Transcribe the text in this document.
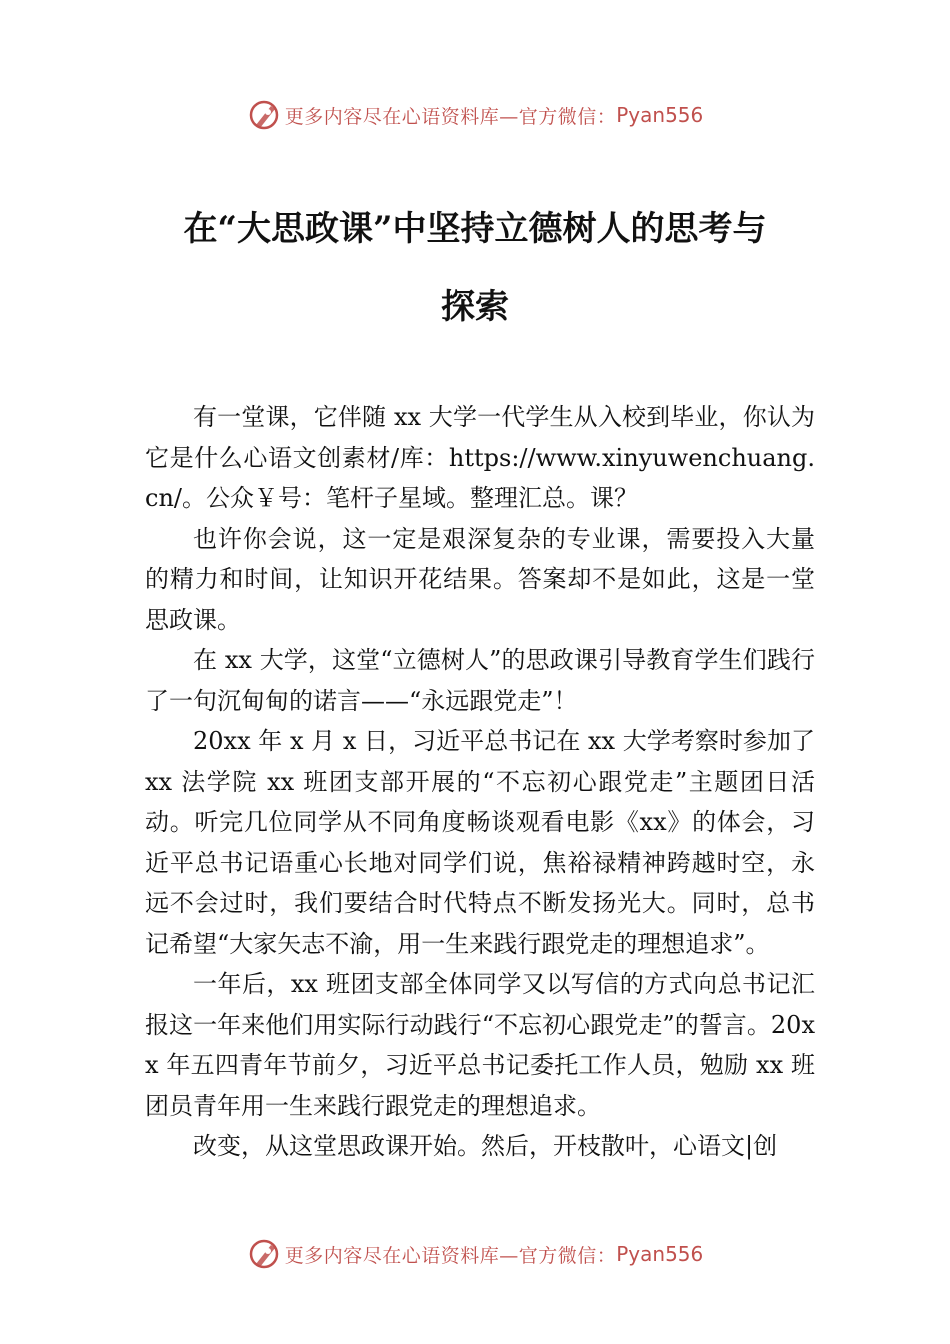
更多内容尽在心语资料库—官方微信： Pyan556
在“大思政课”中坚持立德树人的思考与
探索

有一堂课，它伴随 xx 大学一代学生从入校到毕业，你认为它是什么心语文创素材/库：https://www.xinyuwenchuang.cn/。公众￥号：笔杆子星域。整理汇总。课？

也许你会说，这一定是艰深复杂的专业课，需要投入大量的精力和时间，让知识开花结果。答案却不是如此，这是一堂思政课。

在 xx 大学，这堂“立德树人”的思政课引导教育学生们践行了一句沉甸甸的诺言——“永远跟党走”！

20xx 年 x 月 x 日，习近平总书记在 xx 大学考察时参加了 xx 法学院 xx 班团支部开展的“不忘初心跟党走”主题团日活动。听完几位同学从不同角度畅谈观看电影《xx》的体会，习近平总书记语重心长地对同学们说，焦裕禄精神跨越时空，永远不会过时，我们要结合时代特点不断发扬光大。同时，总书记希望“大家矢志不渝，用一生来践行跟党走的理想追求”。

一年后，xx 班团支部全体同学又以写信的方式向总书记汇报这一年来他们用实际行动践行“不忘初心跟党走”的誓言。20xx 年五四青年节前夕，习近平总书记委托工作人员，勉励 xx 班团员青年用一生来践行跟党走的理想追求。

改变，从这堂思政课开始。然后，开枝散叶，心语文|创

更多内容尽在心语资料库—官方微信： Pyan556
